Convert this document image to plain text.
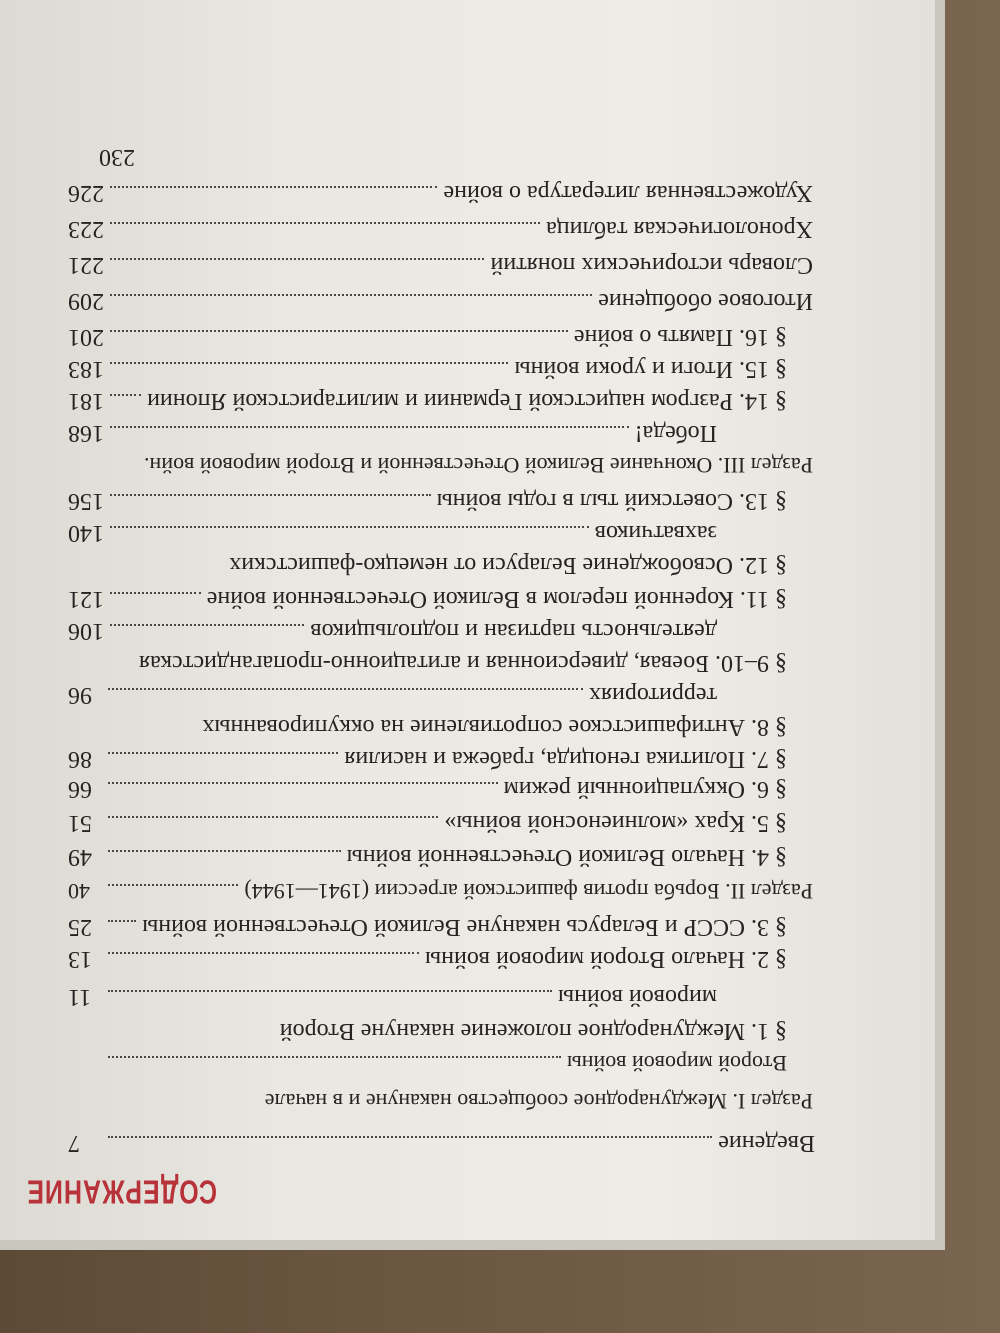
СОДЕРЖАНИЕ
Введение
7
Раздел I. Международное сообщество накануне и в начале
Второй мировой войны
§ 1. Международное положение накануне Второй
мировой войны
11
§ 2. Начало Второй мировой войны
13
§ 3. СССР и Беларусь накануне Великой Отечественной войны
25
Раздел II. Борьба против фашистской агрессии (1941—1944)
40
§ 4. Начало Великой Отечественной войны
49
§ 5. Крах «молниеносной войны»
51
§ 6. Оккупационный режим
66
§ 7. Политика геноцида, грабежа и насилия
86
§ 8. Антифашистское сопротивление на оккупированных
территориях
96
§ 9–10. Боевая, диверсионная и агитационно-пропагандистская
деятельность партизан и подпольщиков
106
§ 11. Коренной перелом в Великой Отечественной войне
121
§ 12. Освобождение Беларуси от немецко-фашистских
захватчиков
140
§ 13. Советский тыл в годы войны
156
Раздел III. Окончание Великой Отечественной и Второй мировой войн.
Победа!
168
§ 14. Разгром нацистской Германии и милитаристской Японии
181
§ 15. Итоги и уроки войны
183
§ 16. Память о войне
201
Итоговое обобщение
209
Словарь исторических понятий
221
Хронологическая таблица
223
Художественная литература о войне
226
230
